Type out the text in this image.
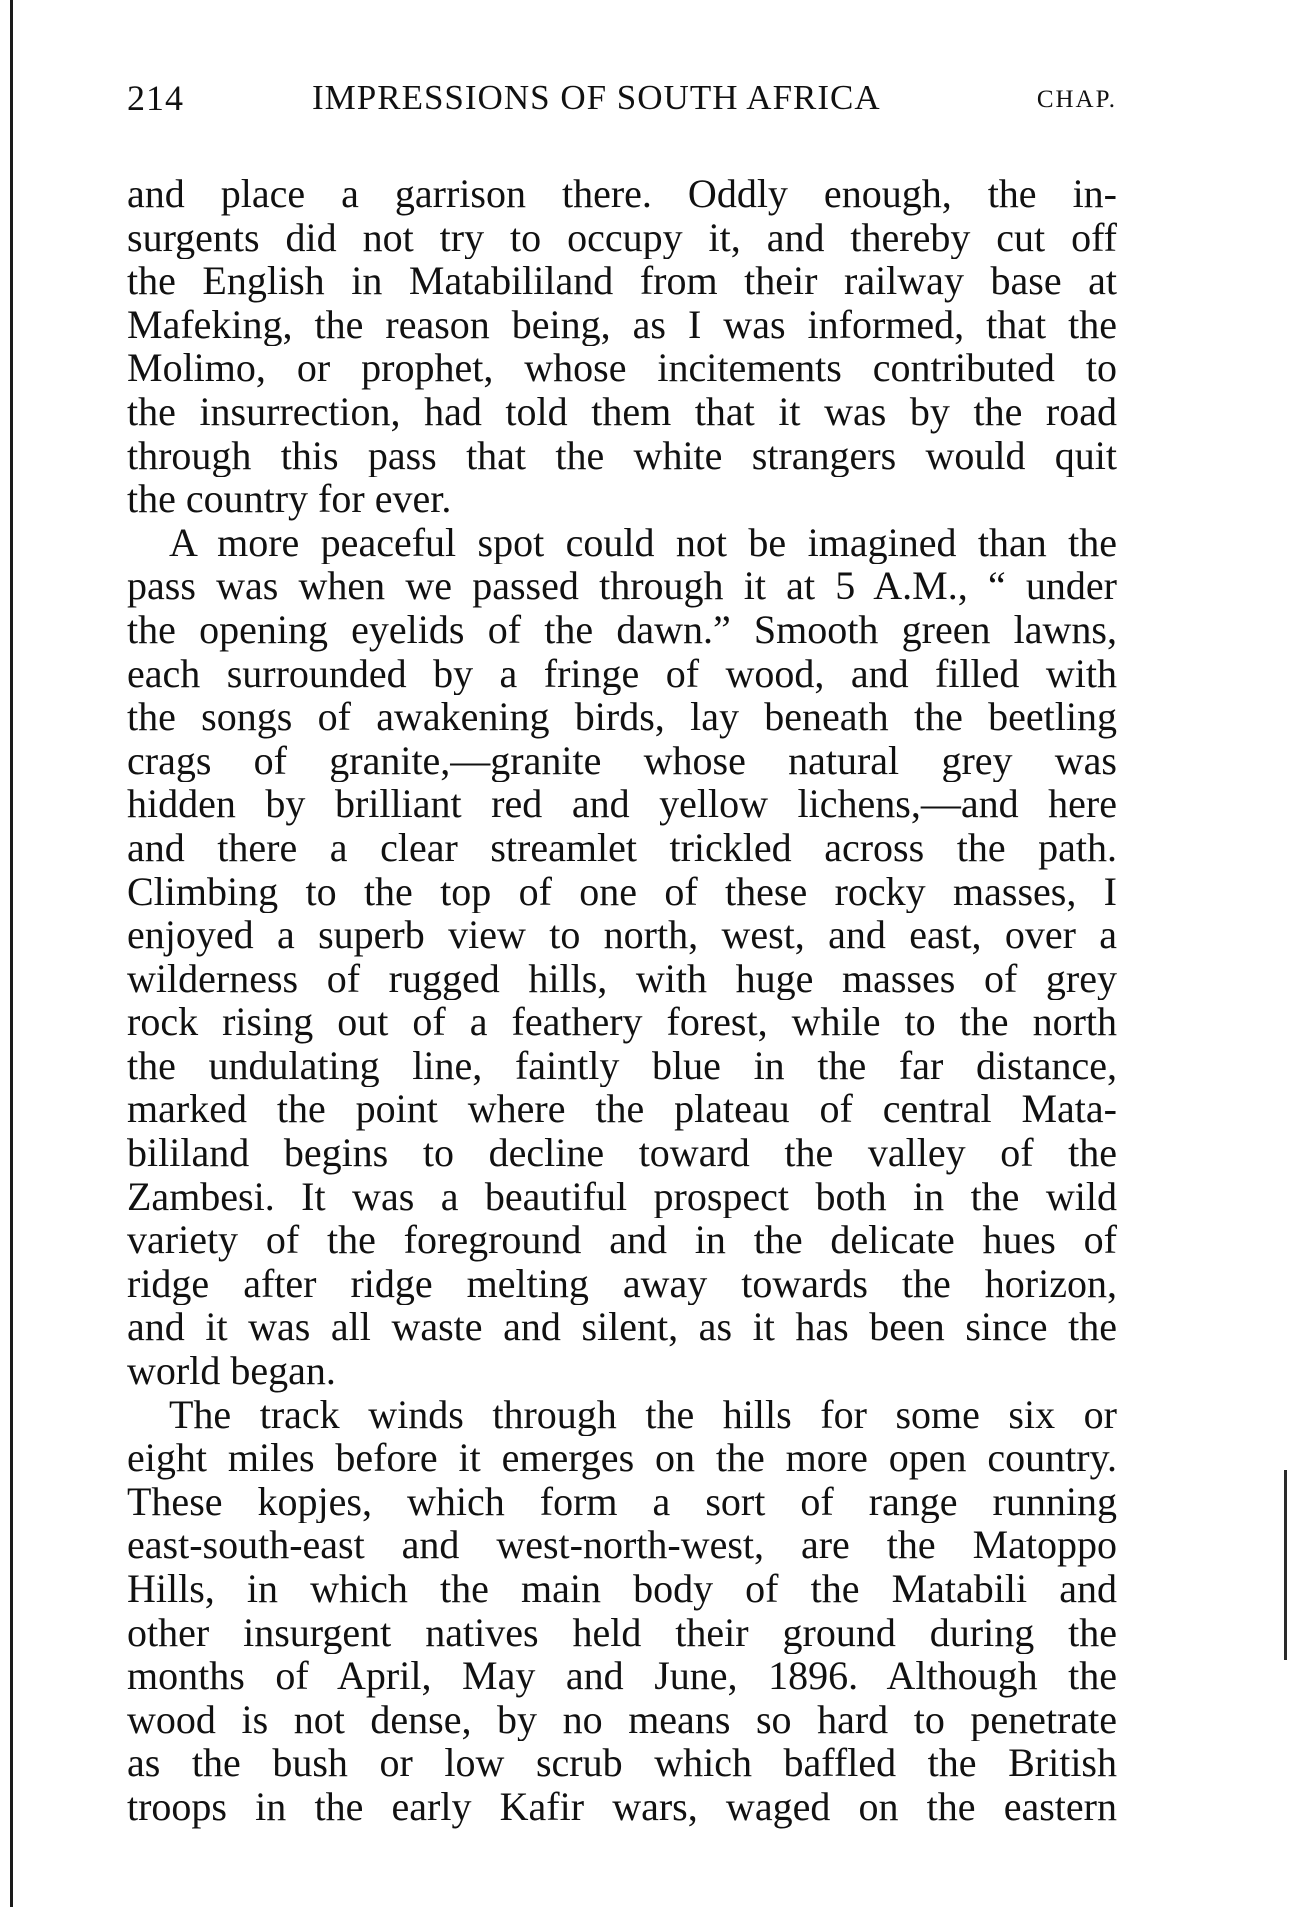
214	IMPRESSIONS OF SOUTH AFRICA	CHAP.
and place a garrison there. Oddly enough, the in-
surgents did not try to occupy it, and thereby cut off
the English in Matabililand from their railway base at
Mafeking, the reason being, as I was informed, that the
Molimo, or prophet, whose incitements contributed to
the insurrection, had told them that it was by the road
through this pass that the white strangers would quit
the country for ever.
A more peaceful spot could not be imagined than the
pass was when we passed through it at 5 A.M., “ under
the opening eyelids of the dawn.” Smooth green lawns,
each surrounded by a fringe of wood, and filled with
the songs of awakening birds, lay beneath the beetling
crags of granite,—granite whose natural grey was
hidden by brilliant red and yellow lichens,—and here
and there a clear streamlet trickled across the path.
Climbing to the top of one of these rocky masses, I
enjoyed a superb view to north, west, and east, over a
wilderness of rugged hills, with huge masses of grey
rock rising out of a feathery forest, while to the north
the undulating line, faintly blue in the far distance,
marked the point where the plateau of central Mata-
bililand begins to decline toward the valley of the
Zambesi. It was a beautiful prospect both in the wild
variety of the foreground and in the delicate hues of
ridge after ridge melting away towards the horizon,
and it was all waste and silent, as it has been since the
world began.
The track winds through the hills for some six or
eight miles before it emerges on the more open country.
These kopjes, which form a sort of range running
east-south-east and west-north-west, are the Matoppo
Hills, in which the main body of the Matabili and
other insurgent natives held their ground during the
months of April, May and June, 1896. Although the
wood is not dense, by no means so hard to penetrate
as the bush or low scrub which baffled the British
troops in the early Kafir wars, waged on the eastern
